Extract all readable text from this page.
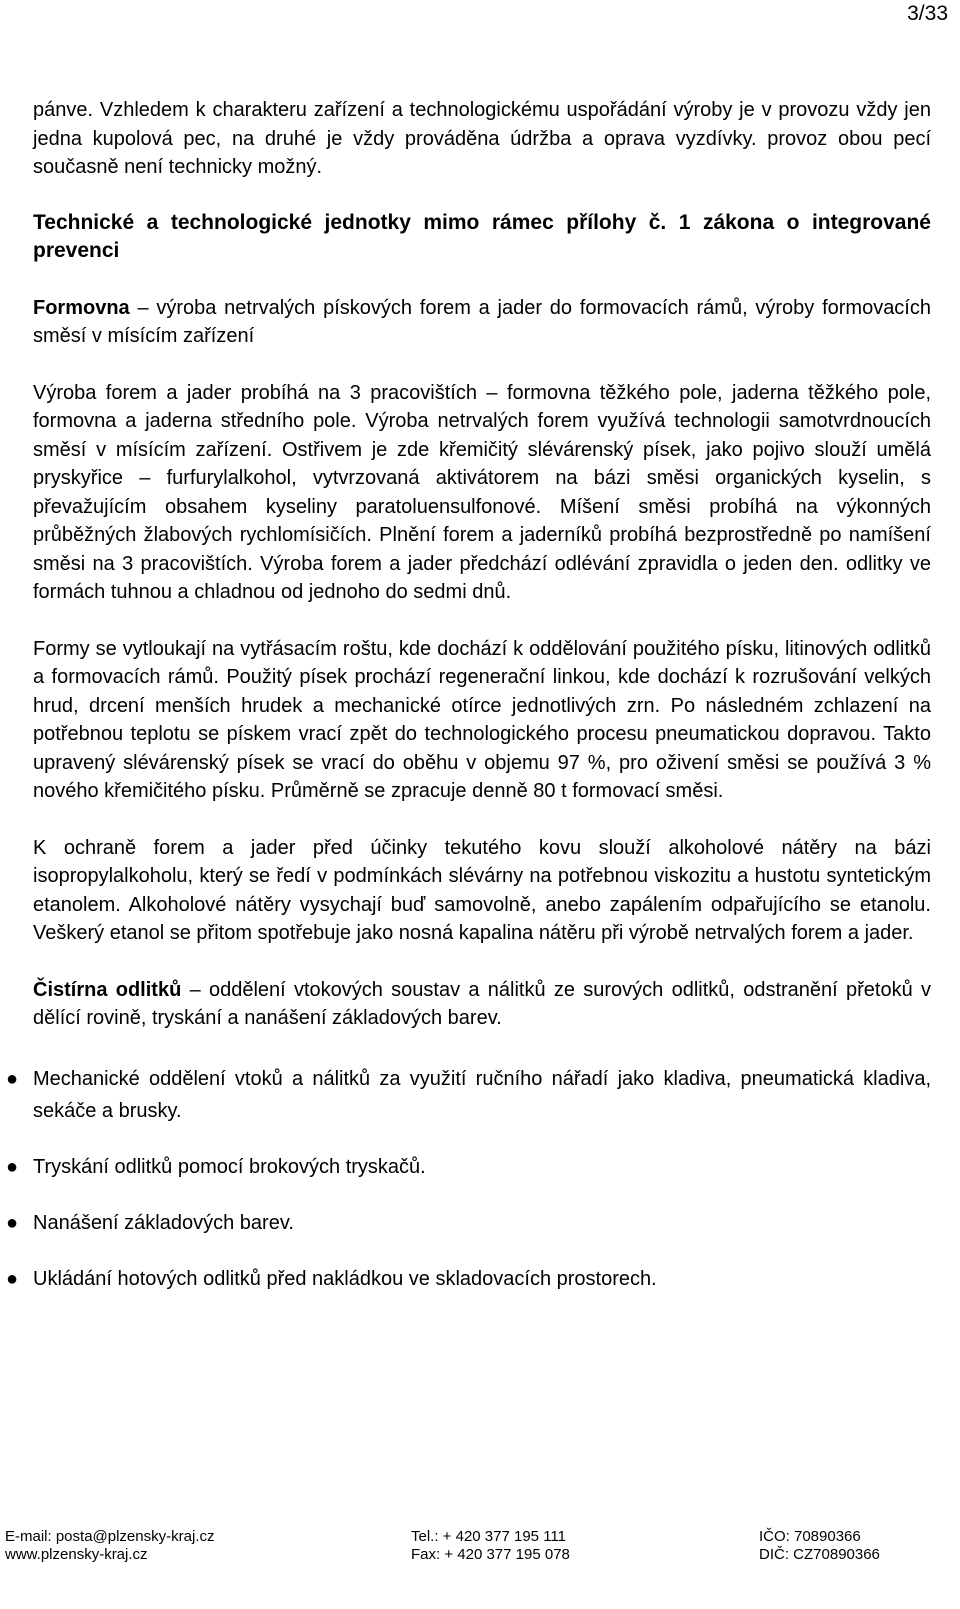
3/33

pánve. Vzhledem k charakteru zařízení a technologickému uspořádání výroby je v provozu vždy jen jedna kupolová pec, na druhé je vždy prováděna údržba a oprava vyzdívky. provoz obou pecí současně není technicky možný.

Technické a technologické jednotky mimo rámec přílohy č. 1 zákona o integrované prevenci

Formovna – výroba netrvalých pískových forem a jader do formovacích rámů, výroby formovacích směsí v mísícím zařízení

Výroba forem a jader probíhá na 3 pracovištích – formovna těžkého pole, jaderna těžkého pole, formovna a jaderna středního pole. Výroba netrvalých forem využívá technologii samotvrdnoucích směsí v mísícím zařízení. Ostřivem je zde křemičitý slévárenský písek, jako pojivo slouží umělá pryskyřice – furfurylalkohol, vytvrzovaná aktivátorem na bázi směsi organických kyselin, s převažujícím obsahem kyseliny paratoluensulfonové. Míšení směsi probíhá na výkonných průběžných žlabových rychlomísičích. Plnění forem a jaderníků probíhá bezprostředně po namíšení směsi na 3 pracovištích. Výroba forem a jader předchází odlévání zpravidla o jeden den. odlitky ve formách tuhnou a chladnou od jednoho do sedmi dnů.

Formy se vytloukají na vytřásacím roštu, kde dochází k oddělování použitého písku, litinových odlitků a formovacích rámů. Použitý písek prochází regenerační linkou, kde dochází k rozrušování velkých hrud, drcení menších hrudek a mechanické otírce jednotlivých zrn. Po následném zchlazení na potřebnou teplotu se pískem vrací zpět do technologického procesu pneumatickou dopravou. Takto upravený slévárenský písek se vrací do oběhu v objemu 97 %, pro oživení směsi se používá 3 % nového křemičitého písku. Průměrně se zpracuje denně 80 t formovací směsi.

K ochraně forem a jader před účinky tekutého kovu slouží alkoholové nátěry na bázi isopropylalkoholu, který se ředí v podmínkách slévárny na potřebnou viskozitu a hustotu syntetickým etanolem. Alkoholové nátěry vysychají buď samovolně, anebo zapálením odpařujícího se etanolu. Veškerý etanol se přitom spotřebuje jako nosná kapalina nátěru při výrobě netrvalých forem a jader.

Čistírna odlitků – oddělení vtokových soustav a nálitků ze surových odlitků, odstranění přetoků v dělící rovině, tryskání a nanášení základových barev.

● Mechanické oddělení vtoků a nálitků za využití ručního nářadí jako kladiva, pneumatická kladiva, sekáče a brusky.
● Tryskání odlitků pomocí brokových tryskačů.
● Nanášení základových barev.
● Ukládání hotových odlitků před nakládkou ve skladovacích prostorech.
E-mail: posta@plzensky-kraj.cz
www.plzensky-kraj.cz
Tel.: + 420 377 195 111
Fax: + 420 377 195 078
IČO: 70890366
DIČ: CZ70890366
